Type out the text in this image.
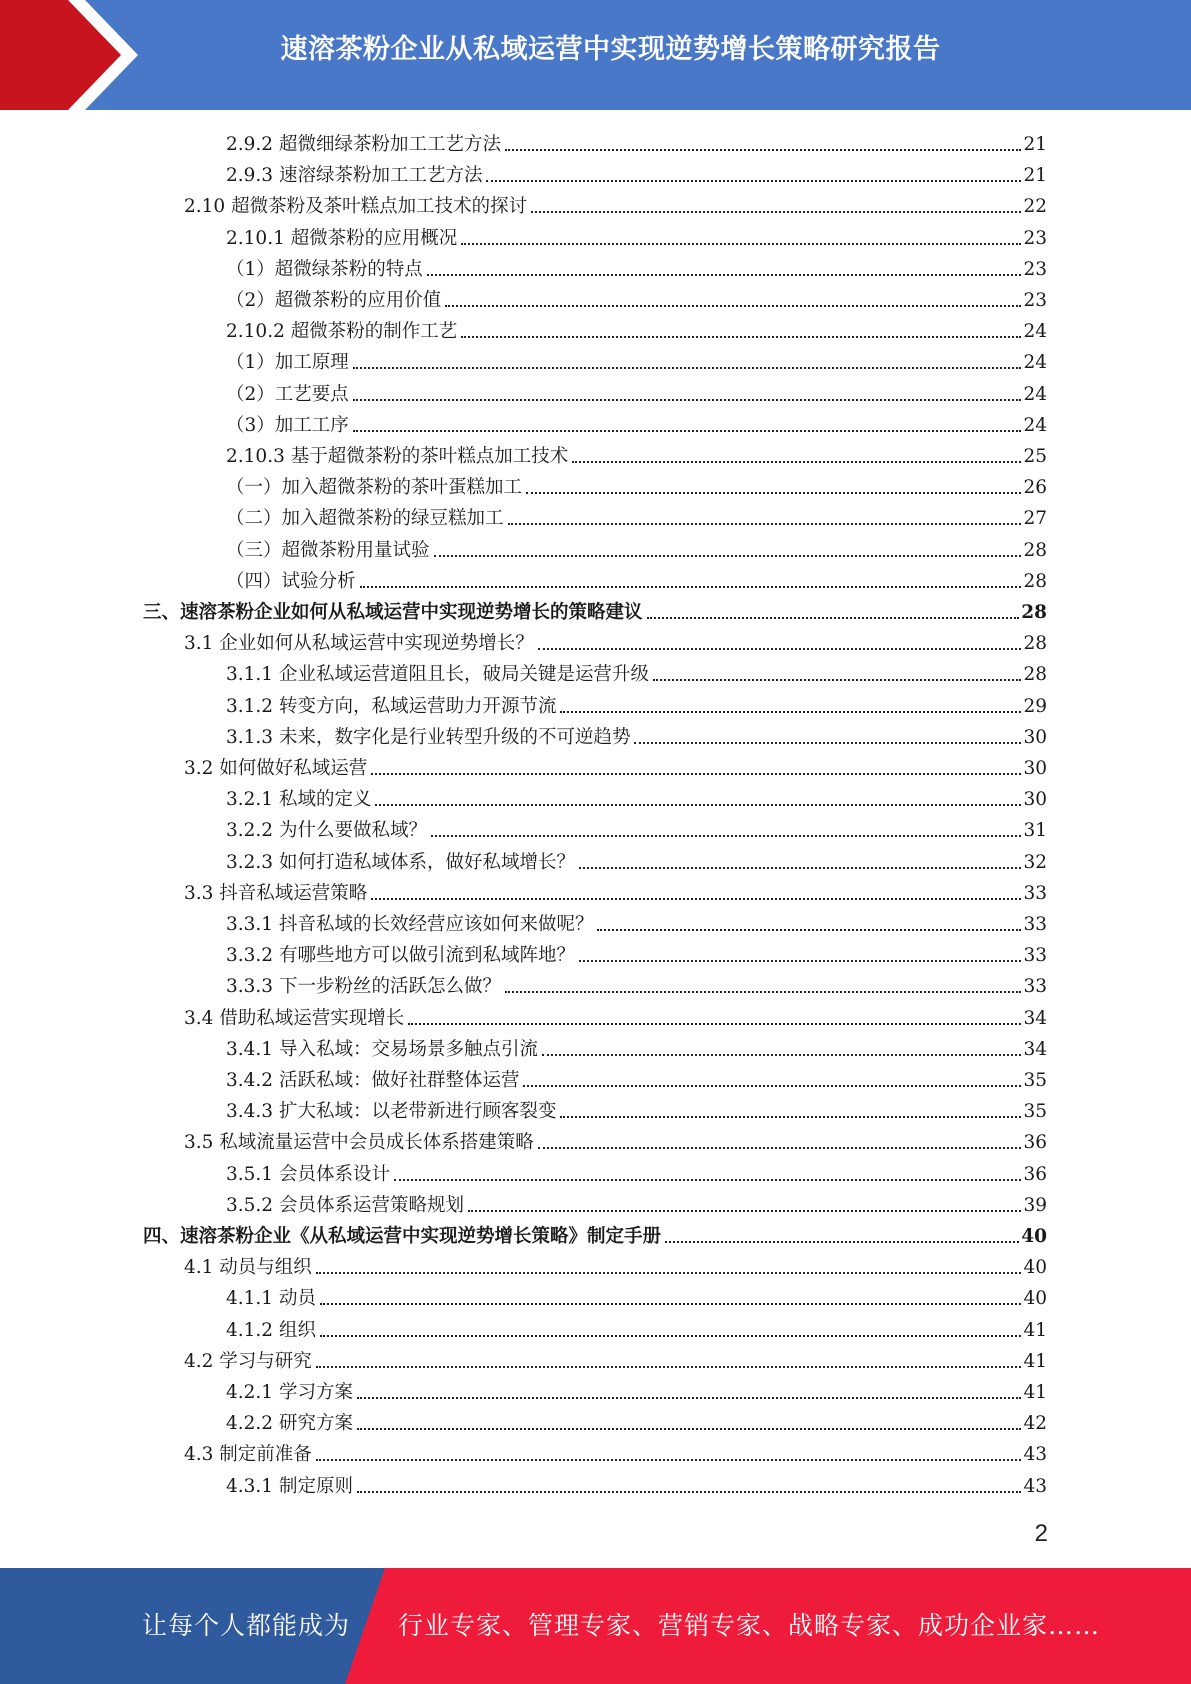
速溶茶粉企业从私域运营中实现逆势增长策略研究报告
2.9.2 超微细绿茶粉加工工艺方法	21
2.9.3 速溶绿茶粉加工工艺方法	21
2.10 超微茶粉及茶叶糕点加工技术的探讨	22
2.10.1 超微茶粉的应用概况	23
（1）超微绿茶粉的特点	23
（2）超微茶粉的应用价值	23
2.10.2 超微茶粉的制作工艺	24
（1）加工原理	24
（2）工艺要点	24
（3）加工工序	24
2.10.3 基于超微茶粉的茶叶糕点加工技术	25
（一）加入超微茶粉的茶叶蛋糕加工	26
（二）加入超微茶粉的绿豆糕加工	27
（三）超微茶粉用量试验	28
（四）试验分析	28
三、速溶茶粉企业如何从私域运营中实现逆势增长的策略建议	28
3.1 企业如何从私域运营中实现逆势增长？	28
3.1.1 企业私域运营道阻且长，破局关键是运营升级	28
3.1.2 转变方向，私域运营助力开源节流	29
3.1.3 未来，数字化是行业转型升级的不可逆趋势	30
3.2 如何做好私域运营	30
3.2.1 私域的定义	30
3.2.2 为什么要做私域？	31
3.2.3 如何打造私域体系，做好私域增长？	32
3.3 抖音私域运营策略	33
3.3.1 抖音私域的长效经营应该如何来做呢？	33
3.3.2 有哪些地方可以做引流到私域阵地？	33
3.3.3 下一步粉丝的活跃怎么做？	33
3.4 借助私域运营实现增长	34
3.4.1 导入私域：交易场景多触点引流	34
3.4.2 活跃私域：做好社群整体运营	35
3.4.3 扩大私域：以老带新进行顾客裂变	35
3.5 私域流量运营中会员成长体系搭建策略	36
3.5.1 会员体系设计	36
3.5.2 会员体系运营策略规划	39
四、速溶茶粉企业《从私域运营中实现逆势增长策略》制定手册	40
4.1 动员与组织	40
4.1.1 动员	40
4.1.2 组织	41
4.2 学习与研究	41
4.2.1 学习方案	41
4.2.2 研究方案	42
4.3 制定前准备	43
4.3.1 制定原则	43
2
让每个人都能成为 行业专家、管理专家、营销专家、战略专家、成功企业家……
